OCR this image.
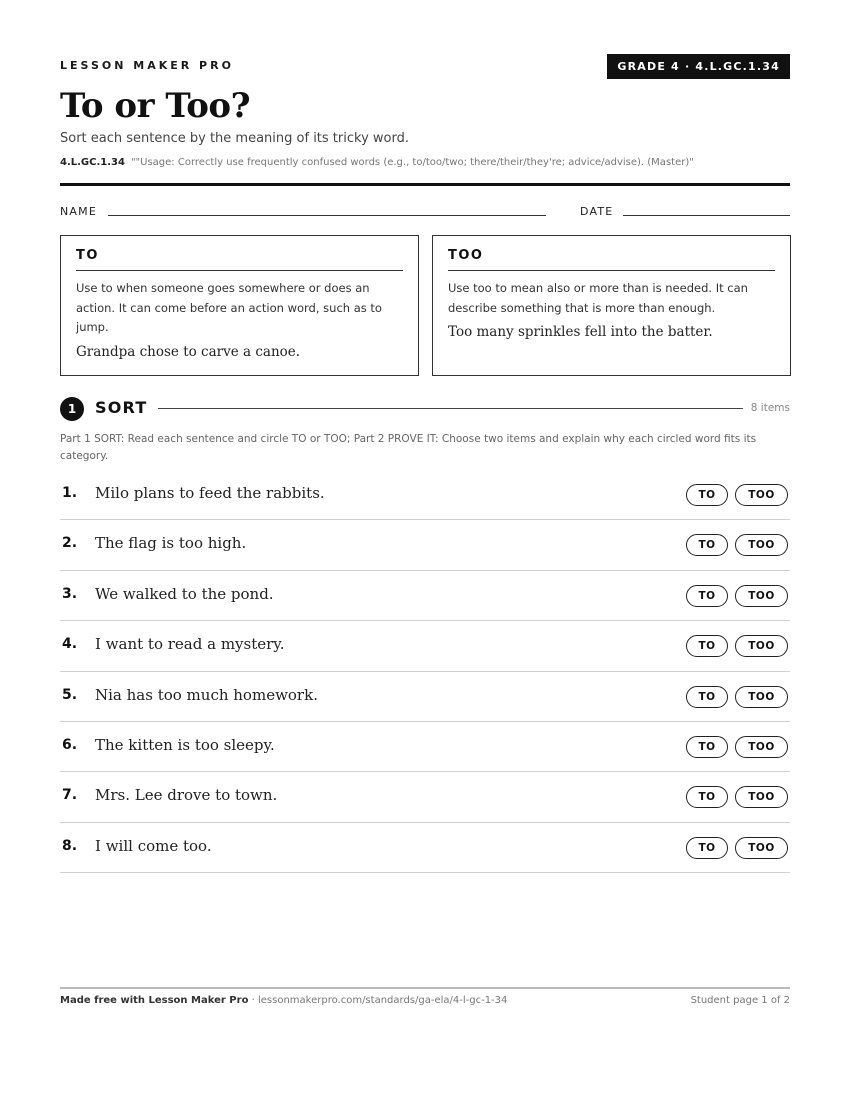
LESSON MAKER PRO	GRADE 4 · 4.L.GC.1.34
To or Too?
Sort each sentence by the meaning of its tricky word.
4.L.GC.1.34 ""Usage: Correctly use frequently confused words (e.g., to/too/two; there/their/they're; advice/advise). (Master)"
NAME	DATE
TO
Use to when someone goes somewhere or does an action. It can come before an action word, such as to jump.
Grandpa chose to carve a canoe.
TOO
Use too to mean also or more than is needed. It can describe something that is more than enough.
Too many sprinkles fell into the batter.
1	SORT	8 items
Part 1 SORT: Read each sentence and circle TO or TOO; Part 2 PROVE IT: Choose two items and explain why each circled word fits its category.
1. Milo plans to feed the rabbits.	TO	TOO
2. The flag is too high.	TO	TOO
3. We walked to the pond.	TO	TOO
4. I want to read a mystery.	TO	TOO
5. Nia has too much homework.	TO	TOO
6. The kitten is too sleepy.	TO	TOO
7. Mrs. Lee drove to town.	TO	TOO
8. I will come too.	TO	TOO
Made free with Lesson Maker Pro · lessonmakerpro.com/standards/ga-ela/4-l-gc-1-34	Student page 1 of 2
